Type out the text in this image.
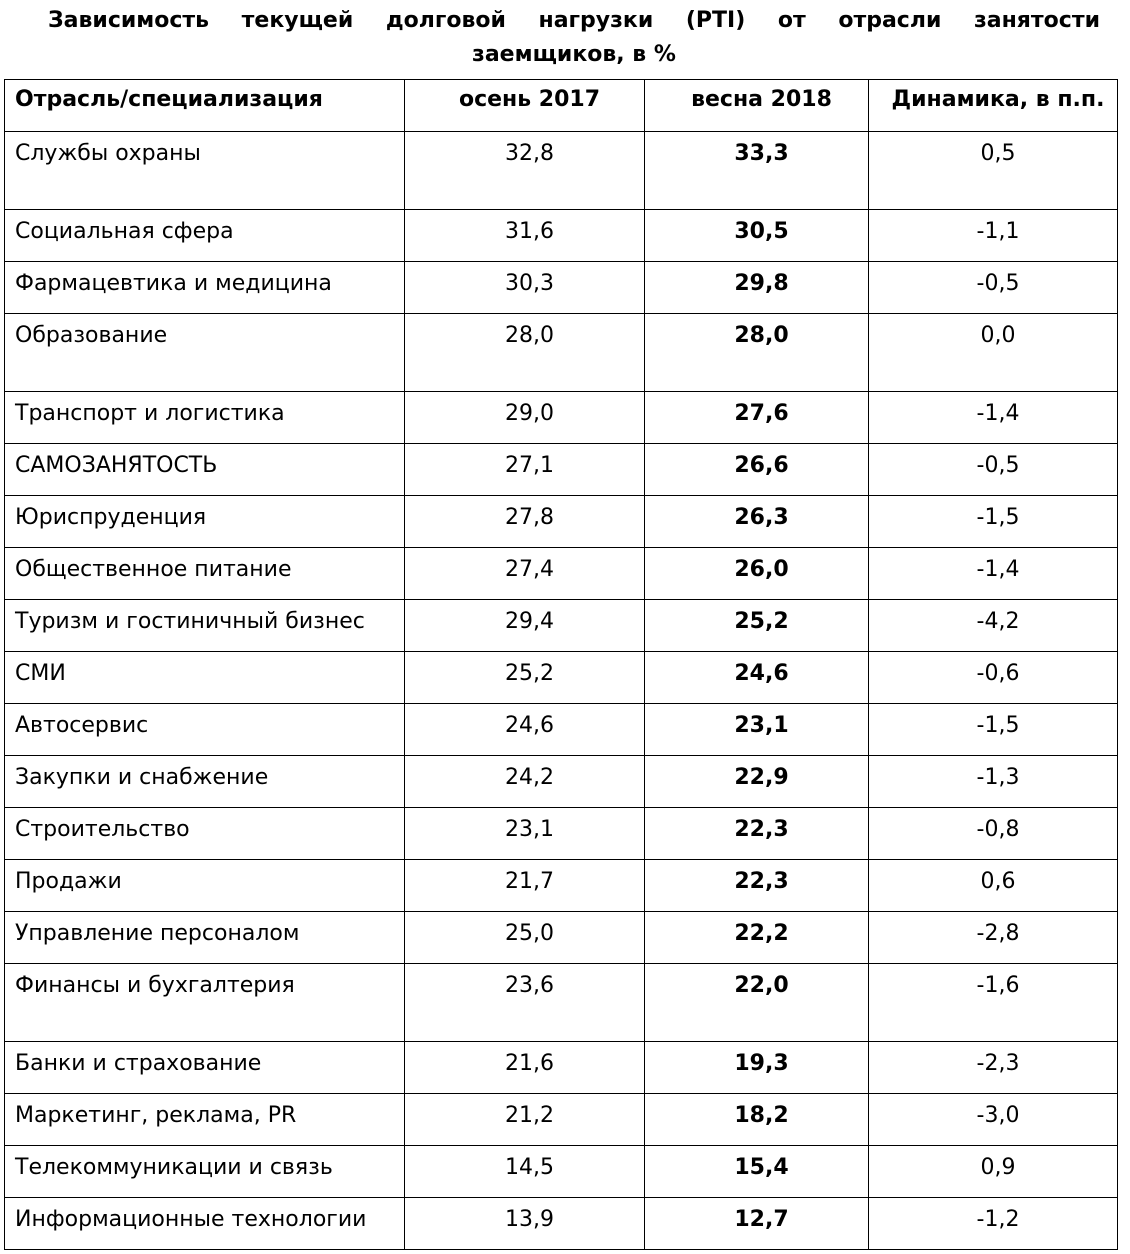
Зависимость текущей долговой нагрузки (PTI) от отрасли занятости
заемщиков, в %
Отрасль/специализация	осень 2017	весна 2018	Динамика, в п.п.
Службы охраны	32,8	33,3	0,5
Социальная сфера	31,6	30,5	-1,1
Фармацевтика и медицина	30,3	29,8	-0,5
Образование	28,0	28,0	0,0
Транспорт и логистика	29,0	27,6	-1,4
САМОЗАНЯТОСТЬ	27,1	26,6	-0,5
Юриспруденция	27,8	26,3	-1,5
Общественное питание	27,4	26,0	-1,4
Туризм и гостиничный бизнес	29,4	25,2	-4,2
СМИ	25,2	24,6	-0,6
Автосервис	24,6	23,1	-1,5
Закупки и снабжение	24,2	22,9	-1,3
Строительство	23,1	22,3	-0,8
Продажи	21,7	22,3	0,6
Управление персоналом	25,0	22,2	-2,8
Финансы и бухгалтерия	23,6	22,0	-1,6
Банки и страхование	21,6	19,3	-2,3
Маркетинг, реклама, PR	21,2	18,2	-3,0
Телекоммуникации и связь	14,5	15,4	0,9
Информационные технологии	13,9	12,7	-1,2
